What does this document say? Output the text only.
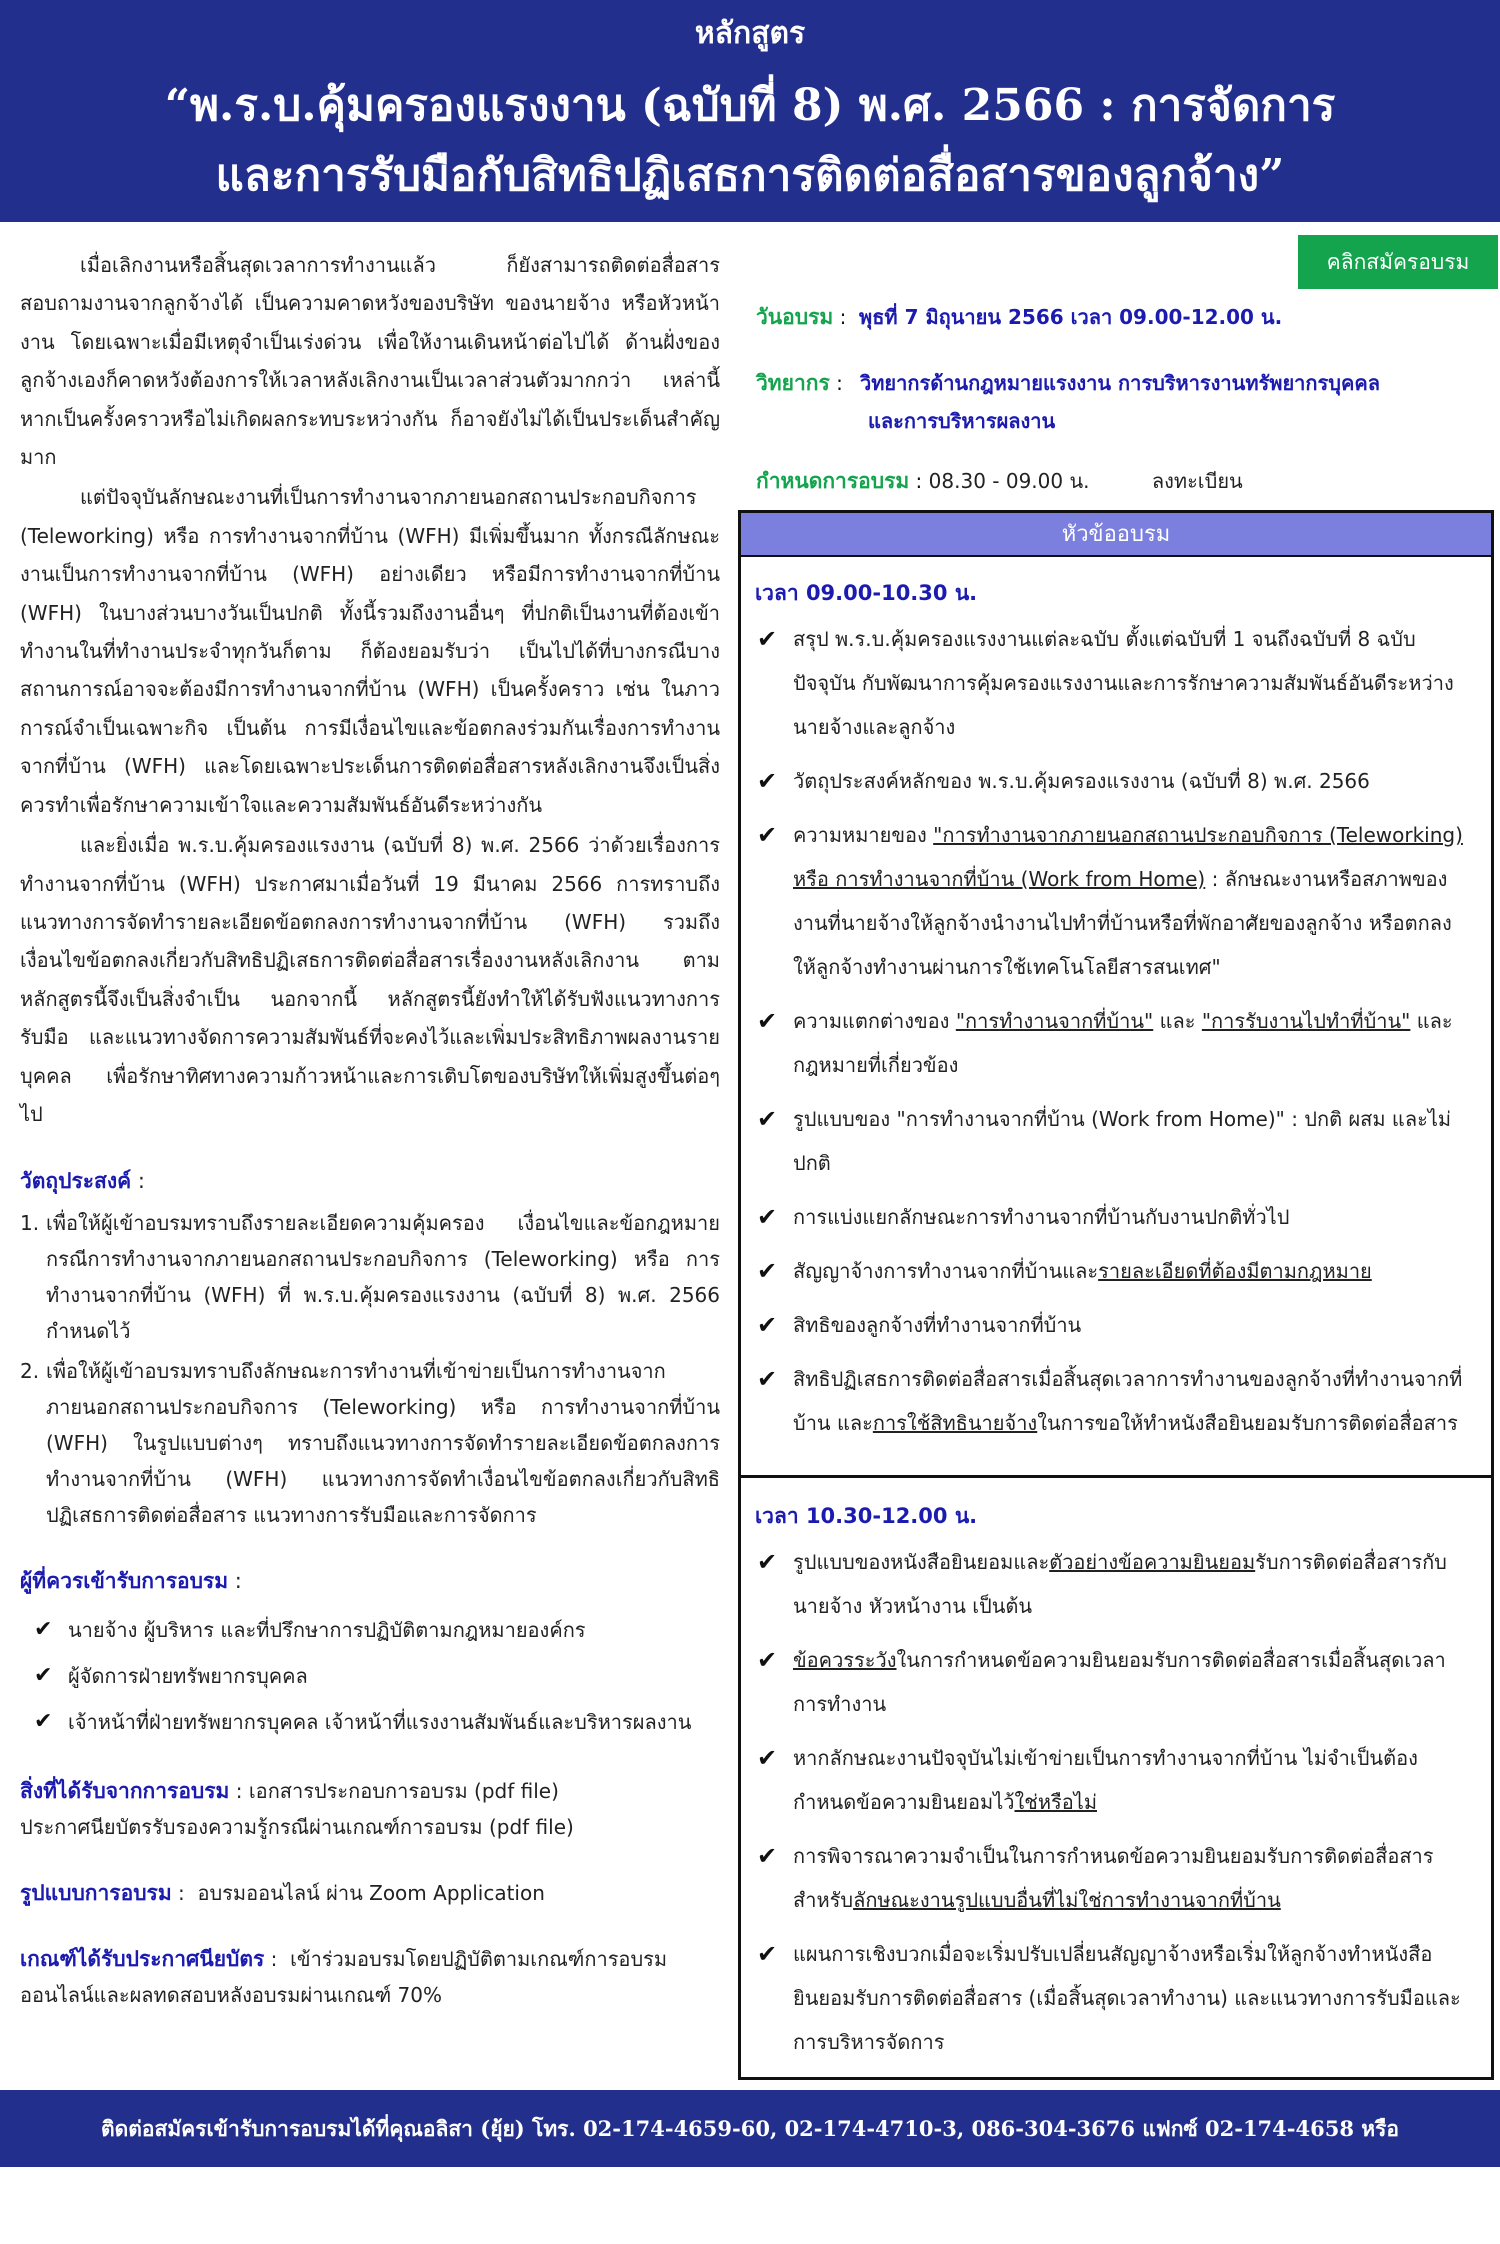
หลักสูตร
“พ.ร.บ.คุ้มครองแรงงาน (ฉบับที่ 8) พ.ศ. 2566 : การจัดการ
และการรับมือกับสิทธิปฏิเสธการติดต่อสื่อสารของลูกจ้าง”
คลิกสมัครอบรม

เมื่อเลิกงานหรือสิ้นสุดเวลาการทำงานแล้ว ก็ยังสามารถติดต่อสื่อสาร สอบถามงานจากลูกจ้างได้ เป็นความคาดหวังของบริษัท ของนายจ้าง หรือหัวหน้างาน โดยเฉพาะเมื่อมีเหตุจำเป็นเร่งด่วน เพื่อให้งานเดินหน้าต่อไปได้ ด้านฝั่งของลูกจ้างเองก็คาดหวังต้องการให้เวลาหลังเลิกงานเป็นเวลาส่วนตัวมากกว่า เหล่านี้หากเป็นครั้งคราวหรือไม่เกิดผลกระทบระหว่างกัน ก็อาจยังไม่ได้เป็นประเด็นสำคัญมาก

แต่ปัจจุบันลักษณะงานที่เป็นการทำงานจากภายนอกสถานประกอบกิจการ (Teleworking) หรือ การทำงานจากที่บ้าน (WFH) มีเพิ่มขึ้นมาก ทั้งกรณีลักษณะงานเป็นการทำงานจากที่บ้าน (WFH) อย่างเดียว หรือมีการทำงานจากที่บ้าน (WFH) ในบางส่วนบางวันเป็นปกติ ทั้งนี้รวมถึงงานอื่นๆ ที่ปกติเป็นงานที่ต้องเข้าทำงานในที่ทำงานประจำทุกวันก็ตาม ก็ต้องยอมรับว่า เป็นไปได้ที่บางกรณีบางสถานการณ์อาจจะต้องมีการทำงานจากที่บ้าน (WFH) เป็นครั้งคราว เช่น ในภาวการณ์จำเป็นเฉพาะกิจ เป็นต้น การมีเงื่อนไขและข้อตกลงร่วมกันเรื่องการทำงานจากที่บ้าน (WFH) และโดยเฉพาะประเด็นการติดต่อสื่อสารหลังเลิกงานจึงเป็นสิ่งควรทำเพื่อรักษาความเข้าใจและความสัมพันธ์อันดีระหว่างกัน

และยิ่งเมื่อ พ.ร.บ.คุ้มครองแรงงาน (ฉบับที่ 8) พ.ศ. 2566 ว่าด้วยเรื่องการทำงานจากที่บ้าน (WFH) ประกาศมาเมื่อวันที่ 19 มีนาคม 2566 การทราบถึงแนวทางการจัดทำรายละเอียดข้อตกลงการทำงานจากที่บ้าน (WFH) รวมถึงเงื่อนไขข้อตกลงเกี่ยวกับสิทธิปฏิเสธการติดต่อสื่อสารเรื่องงานหลังเลิกงาน ตามหลักสูตรนี้จึงเป็นสิ่งจำเป็น นอกจากนี้ หลักสูตรนี้ยังทำให้ได้รับฟังแนวทางการรับมือ และแนวทางจัดการความสัมพันธ์ที่จะคงไว้และเพิ่มประสิทธิภาพผลงานรายบุคคล เพื่อรักษาทิศทางความก้าวหน้าและการเติบโตของบริษัทให้เพิ่มสูงขึ้นต่อๆ ไป

วัตถุประสงค์ :
1. เพื่อให้ผู้เข้าอบรมทราบถึงรายละเอียดความคุ้มครอง เงื่อนไขและข้อกฎหมายกรณีการทำงานจากภายนอกสถานประกอบกิจการ (Teleworking) หรือ การทำงานจากที่บ้าน (WFH) ที่ พ.ร.บ.คุ้มครองแรงงาน (ฉบับที่ 8) พ.ศ. 2566 กำหนดไว้
2. เพื่อให้ผู้เข้าอบรมทราบถึงลักษณะการทำงานที่เข้าข่ายเป็นการทำงานจากภายนอกสถานประกอบกิจการ (Teleworking) หรือ การทำงานจากที่บ้าน (WFH) ในรูปแบบต่างๆ ทราบถึงแนวทางการจัดทำรายละเอียดข้อตกลงการทำงานจากที่บ้าน (WFH) แนวทางการจัดทำเงื่อนไขข้อตกลงเกี่ยวกับสิทธิปฏิเสธการติดต่อสื่อสาร แนวทางการรับมือและการจัดการ
ผู้ที่ควรเข้ารับการอบรม :
✔ นายจ้าง ผู้บริหาร และที่ปรึกษาการปฏิบัติตามกฎหมายองค์กร
✔ ผู้จัดการฝ่ายทรัพยากรบุคคล
✔ เจ้าหน้าที่ฝ่ายทรัพยากรบุคคล เจ้าหน้าที่แรงงานสัมพันธ์และบริหารผลงาน
สิ่งที่ได้รับจากการอบรม : เอกสารประกอบการอบรม (pdf file)
ประกาศนียบัตรรับรองความรู้กรณีผ่านเกณฑ์การอบรม (pdf file)
รูปแบบการอบรม :  อบรมออนไลน์ ผ่าน Zoom Application
เกณฑ์ได้รับประกาศนียบัตร :  เข้าร่วมอบรมโดยปฏิบัติตามเกณฑ์การอบรมออนไลน์และผลทดสอบหลังอบรมผ่านเกณฑ์ 70%
วันอบรม :  พุธที่ 7 มิถุนายน 2566 เวลา 09.00-12.00 น.
วิทยากร : วิทยากรด้านกฎหมายแรงงาน การบริหารงานทรัพยากรบุคคล
และการบริหารผลงาน
กำหนดการอบรม : 08.30 - 09.00 น.	ลงทะเบียน
หัวข้ออบรม
เวลา 09.00-10.30 น.
✔ สรุป พ.ร.บ.คุ้มครองแรงงานแต่ละฉบับ ตั้งแต่ฉบับที่ 1 จนถึงฉบับที่ 8 ฉบับปัจจุบัน กับพัฒนาการคุ้มครองแรงงานและการรักษาความสัมพันธ์อันดีระหว่างนายจ้างและลูกจ้าง
✔ วัตถุประสงค์หลักของ พ.ร.บ.คุ้มครองแรงงาน (ฉบับที่ 8) พ.ศ. 2566
✔ ความหมายของ "การทำงานจากภายนอกสถานประกอบกิจการ (Teleworking) หรือ การทำงานจากที่บ้าน (Work from Home) : ลักษณะงานหรือสภาพของงานที่นายจ้างให้ลูกจ้างนำงานไปทำที่บ้านหรือที่พักอาศัยของลูกจ้าง หรือตกลงให้ลูกจ้างทำงานผ่านการใช้เทคโนโลยีสารสนเทศ"
✔ ความแตกต่างของ "การทำงานจากที่บ้าน" และ "การรับงานไปทำที่บ้าน" และกฎหมายที่เกี่ยวข้อง
✔ รูปแบบของ "การทำงานจากที่บ้าน (Work from Home)" : ปกติ ผสม และไม่ปกติ
✔ การแบ่งแยกลักษณะการทำงานจากที่บ้านกับงานปกติทั่วไป
✔ สัญญาจ้างการทำงานจากที่บ้านและรายละเอียดที่ต้องมีตามกฎหมาย
✔ สิทธิของลูกจ้างที่ทำงานจากที่บ้าน
✔ สิทธิปฏิเสธการติดต่อสื่อสารเมื่อสิ้นสุดเวลาการทำงานของลูกจ้างที่ทำงานจากที่บ้าน และการใช้สิทธินายจ้างในการขอให้ทำหนังสือยินยอมรับการติดต่อสื่อสาร
เวลา 10.30-12.00 น.
✔ รูปแบบของหนังสือยินยอมและตัวอย่างข้อความยินยอมรับการติดต่อสื่อสารกับนายจ้าง หัวหน้างาน เป็นต้น
✔ ข้อควรระวังในการกำหนดข้อความยินยอมรับการติดต่อสื่อสารเมื่อสิ้นสุดเวลาการทำงาน
✔ หากลักษณะงานปัจจุบันไม่เข้าข่ายเป็นการทำงานจากที่บ้าน ไม่จำเป็นต้องกำหนดข้อความยินยอมไว้ใช่หรือไม่
✔ การพิจารณาความจำเป็นในการกำหนดข้อความยินยอมรับการติดต่อสื่อสารสำหรับลักษณะงานรูปแบบอื่นที่ไม่ใช่การทำงานจากที่บ้าน
✔ แผนการเชิงบวกเมื่อจะเริ่มปรับเปลี่ยนสัญญาจ้างหรือเริ่มให้ลูกจ้างทำหนังสือยินยอมรับการติดต่อสื่อสาร (เมื่อสิ้นสุดเวลาทำงาน) และแนวทางการรับมือและการบริหารจัดการ
ติดต่อสมัครเข้ารับการอบรมได้ที่คุณอลิสา (ยุ้ย) โทร. 02-174-4659-60, 02-174-4710-3, 086-304-3676 แฟกซ์ 02-174-4658 หรือ myadmin@siamsafety.com
